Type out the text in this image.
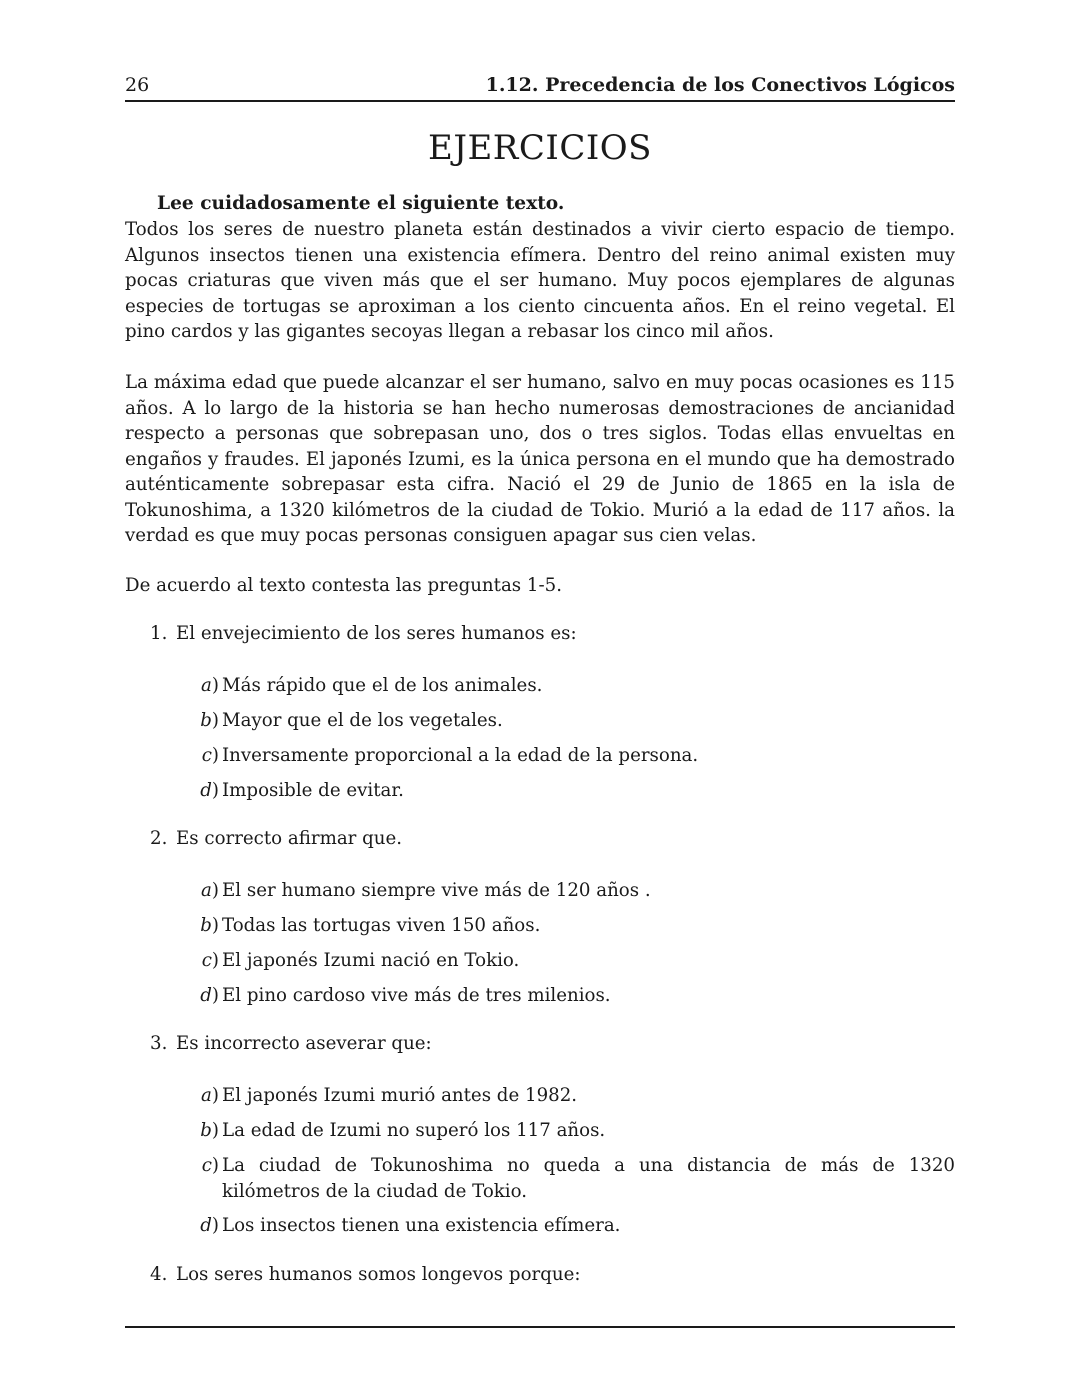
26	1.12. Precedencia de los Conectivos Lógicos
EJERCICIOS
Lee cuidadosamente el siguiente texto.
Todos los seres de nuestro planeta están destinados a vivir cierto espacio de tiempo. Algunos insectos tienen una existencia efímera. Dentro del reino animal existen muy pocas criaturas que viven más que el ser humano. Muy pocos ejemplares de algunas especies de tortugas se aproximan a los ciento cincuenta años. En el reino vegetal. El pino cardos y las gigantes secoyas llegan a rebasar los cinco mil años.
La máxima edad que puede alcanzar el ser humano, salvo en muy pocas ocasiones es 115 años. A lo largo de la historia se han hecho numerosas demostraciones de ancianidad respecto a personas que sobrepasan uno, dos o tres siglos. Todas ellas envueltas en engaños y fraudes. El japonés Izumi, es la única persona en el mundo que ha demostrado auténticamente sobrepasar esta cifra. Nació el 29 de Junio de 1865 en la isla de Tokunoshima, a 1320 kilómetros de la ciudad de Tokio. Murió a la edad de 117 años. la verdad es que muy pocas personas consiguen apagar sus cien velas.
De acuerdo al texto contesta las preguntas 1-5.
1. El envejecimiento de los seres humanos es:
a) Más rápido que el de los animales.
b) Mayor que el de los vegetales.
c) Inversamente proporcional a la edad de la persona.
d) Imposible de evitar.
2. Es correcto afirmar que.
a) El ser humano siempre vive más de 120 años .
b) Todas las tortugas viven 150 años.
c) El japonés Izumi nació en Tokio.
d) El pino cardoso vive más de tres milenios.
3. Es incorrecto aseverar que:
a) El japonés Izumi murió antes de 1982.
b) La edad de Izumi no superó los 117 años.
c) La ciudad de Tokunoshima no queda a una distancia de más de 1320 kilómetros de la ciudad de Tokio.
d) Los insectos tienen una existencia efímera.
4. Los seres humanos somos longevos porque:
